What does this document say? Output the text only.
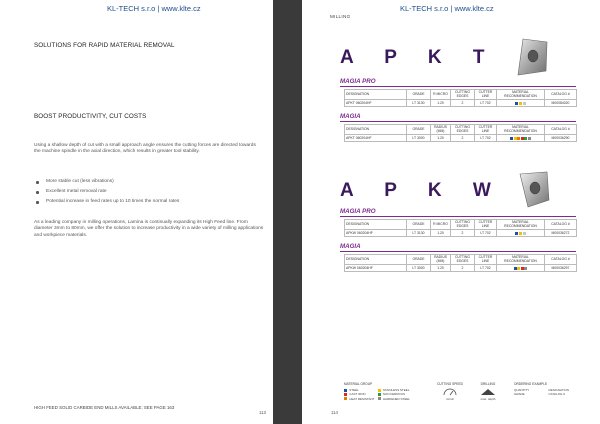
KL-TECH s.r.o | www.klte.cz
SOLUTIONS FOR RAPID MATERIAL REMOVAL
BOOST PRODUCTIVITY, CUT COSTS
Using a shallow depth of cut with a small approach angle ensures the cutting forces are directed towards the machine spindle in the axial direction, which results in greater tool stability.
More stable cut (less vibrations)
Excellent metal removal rate
Potential increase in feed rates up to 10 times the normal rates
As a leading company in milling operations, Lamina is continually expanding its High Feed line. From diameter 3mm to 80mm, we offer the solution to increase productivity in a wide variety of milling applications and workpiece materials.
HIGH FEED SOLID CARBIDE END MILLS AVAILABLE: SEE PAGE 163
113
KL-TECH s.r.o | www.klte.cz
MILLING
A P K T
MAGIA PRO
DESIGNATION	GRADE	R MICRO	CUTTING EDGES	CUTTER LINE	MATERIAL RECOMMENDATION	CATALOG #
APKT 060204HF	LT 3130	1.20	2	LT 702		M00084020
MAGIA
DESIGNATION	GRADE	RADIUS (MM)	CUTTING EDGES	CUTTER LINE	MATERIAL RECOMMENDATION	CATALOG #
APKT 060204HF	LT 3000	1.20	2	LT 702		M00036290
A P K W
MAGIA PRO
DESIGNATION	GRADE	R MICRO	CUTTING EDGES	CUTTER LINE	MATERIAL RECOMMENDATION	CATALOG #
APKW 060204HF	LT 3130	1.20	2	LT 702		M00036272
MAGIA
DESIGNATION	GRADE	RADIUS (MM)	CUTTING EDGES	CUTTER LINE	MATERIAL RECOMMENDATION	CATALOG #
APKW 060204HF	LT 3000	1.20	2	LT 702		M00036297
MATERIAL GROUP
STEEL	STAINLESS STEEL
CAST IRON	NON FERROUS
HEAT RESISTANT	HARDENED STEEL
CUTTING SPEED
m/min
DRILLING
max. depth
ORDERING EXAMPLE
QUANTITY	DESIGNATION
GRADE	CATALOG #
114
